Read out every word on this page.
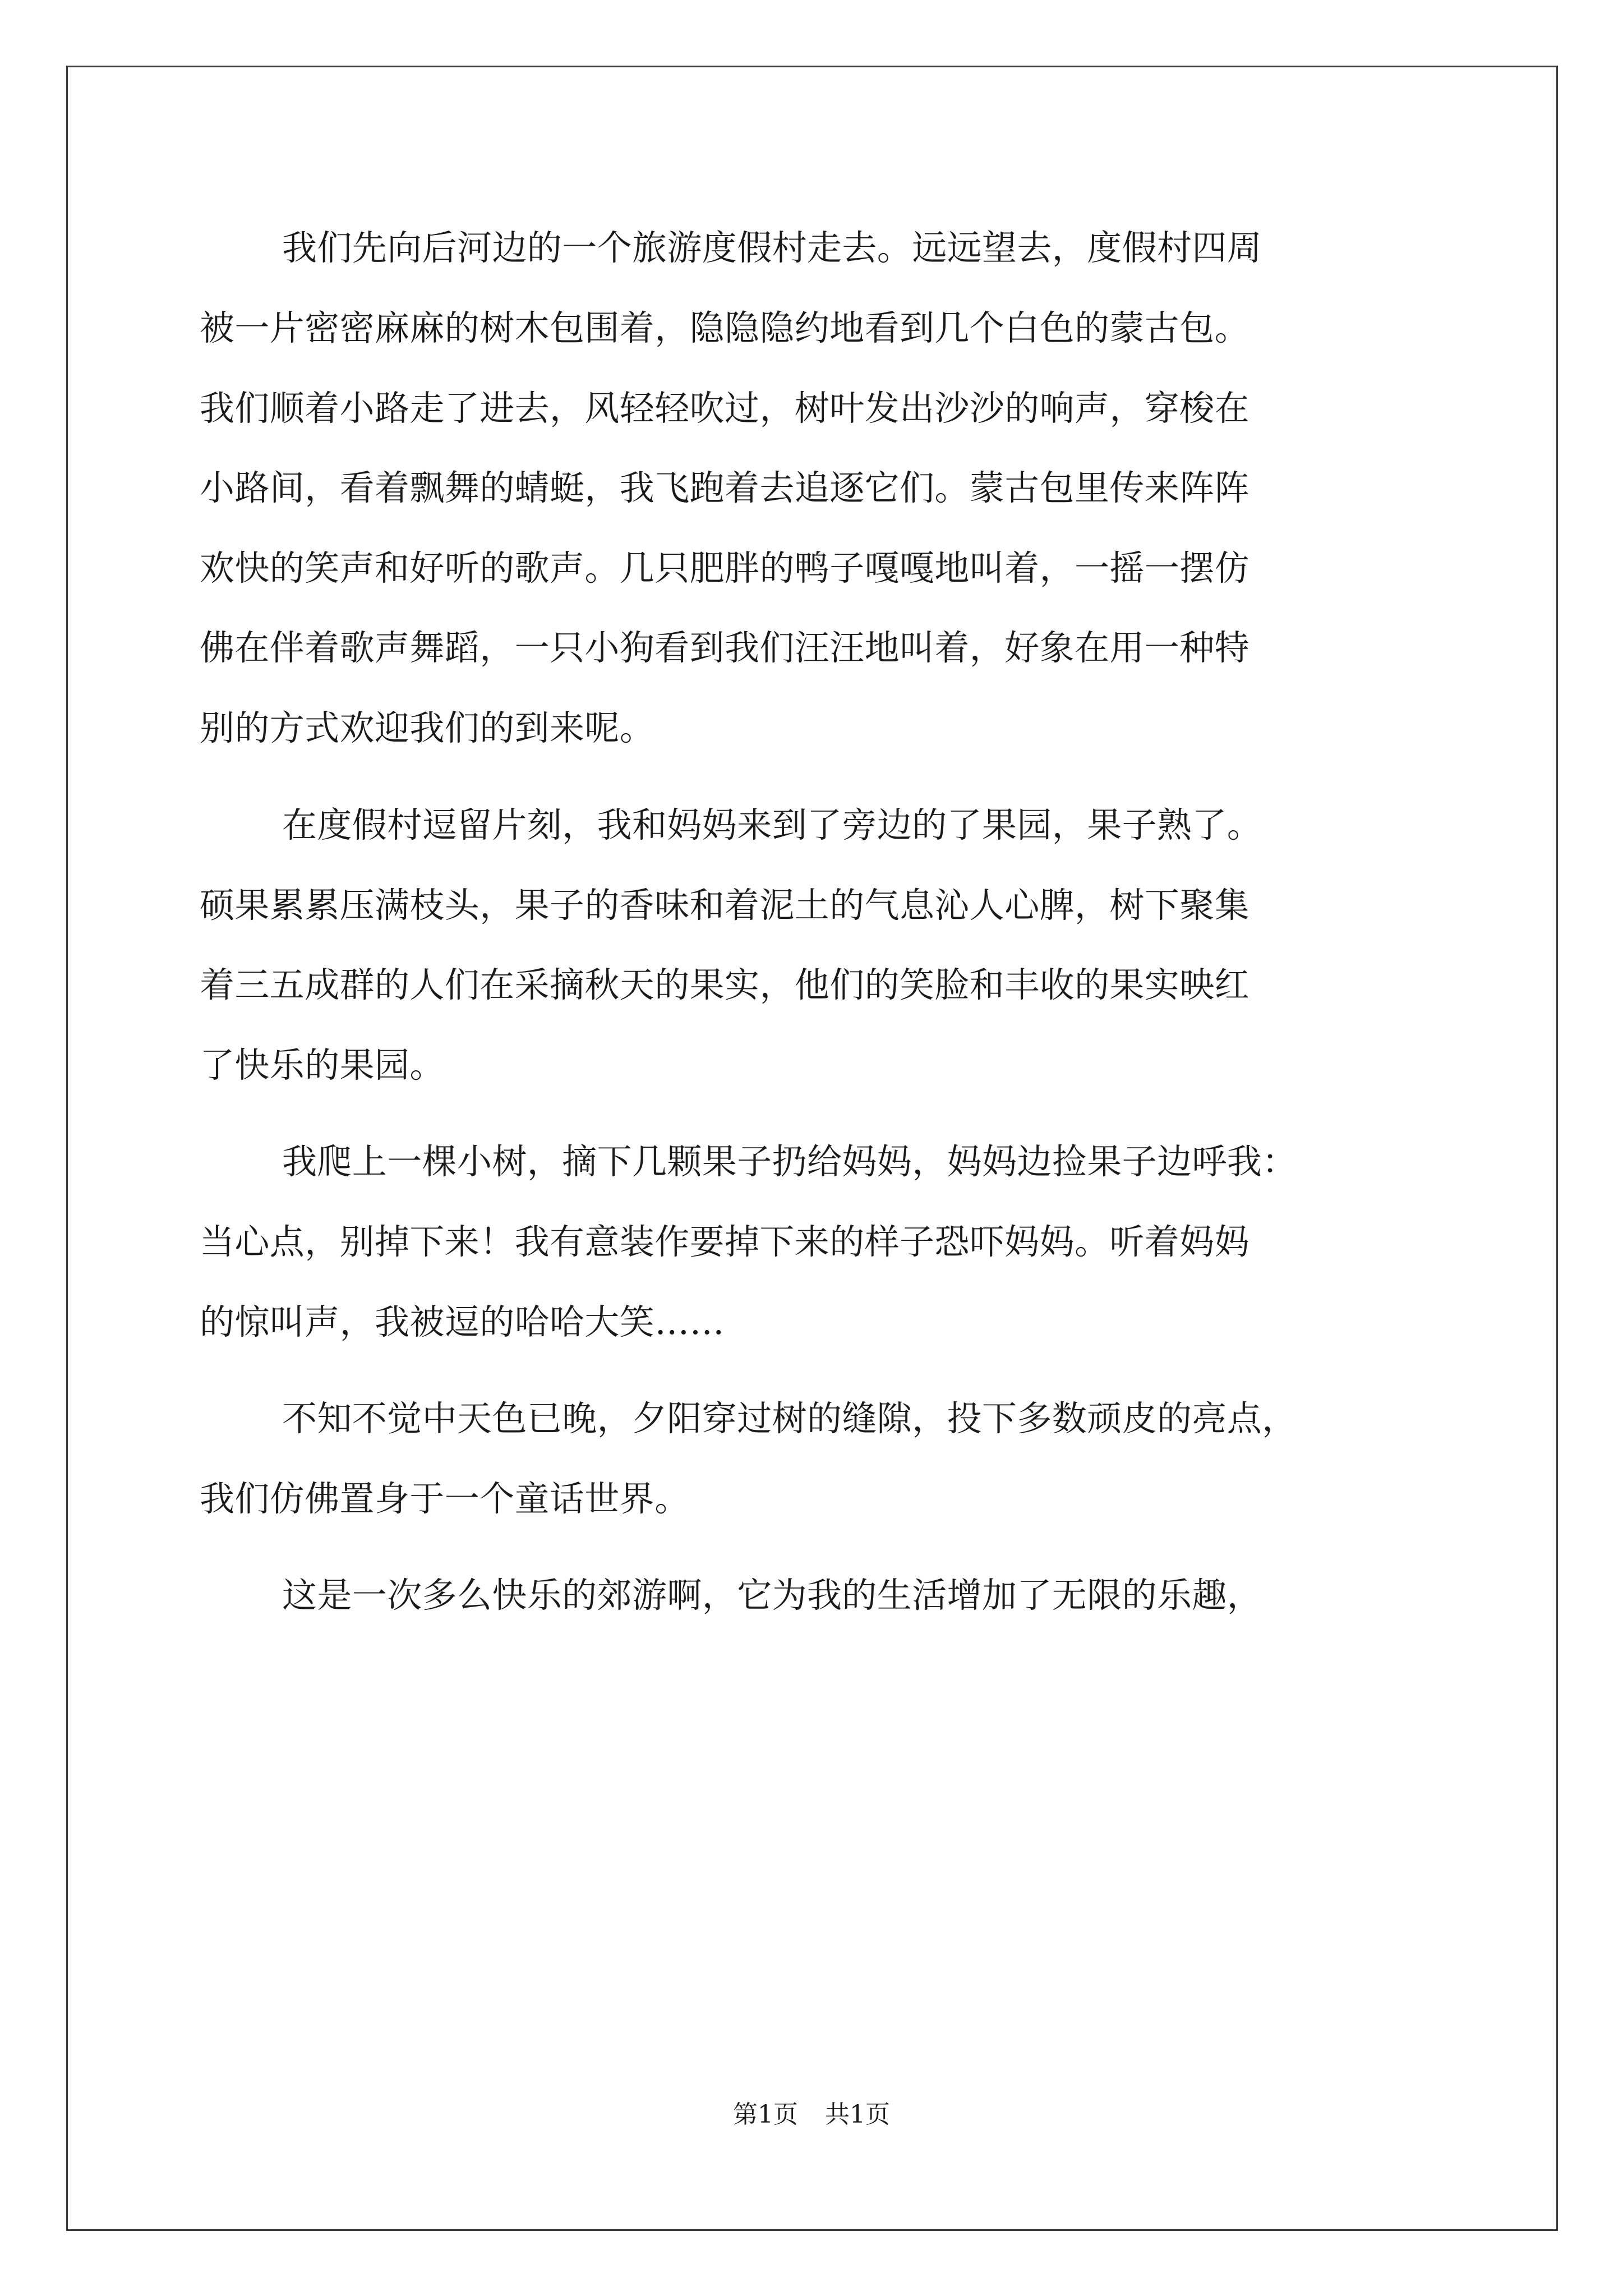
我们先向后河边的一个旅游度假村走去。远远望去，度假村四周
被一片密密麻麻的树木包围着，隐隐隐约地看到几个白色的蒙古包。
我们顺着小路走了进去，风轻轻吹过，树叶发出沙沙的响声，穿梭在
小路间，看着飘舞的蜻蜓，我飞跑着去追逐它们。蒙古包里传来阵阵
欢快的笑声和好听的歌声。几只肥胖的鸭子嘎嘎地叫着，一摇一摆仿
佛在伴着歌声舞蹈，一只小狗看到我们汪汪地叫着，好象在用一种特
别的方式欢迎我们的到来呢。
在度假村逗留片刻，我和妈妈来到了旁边的了果园，果子熟了。
硕果累累压满枝头，果子的香味和着泥土的气息沁人心脾，树下聚集
着三五成群的人们在采摘秋天的果实，他们的笑脸和丰收的果实映红
了快乐的果园。
我爬上一棵小树，摘下几颗果子扔给妈妈，妈妈边捡果子边呼我：
当心点，别掉下来！我有意装作要掉下来的样子恐吓妈妈。听着妈妈
的惊叫声，我被逗的哈哈大笑……
不知不觉中天色已晚，夕阳穿过树的缝隙，投下多数顽皮的亮点，
我们仿佛置身于一个童话世界。
这是一次多么快乐的郊游啊，它为我的生活增加了无限的乐趣，
第1页 共1页
